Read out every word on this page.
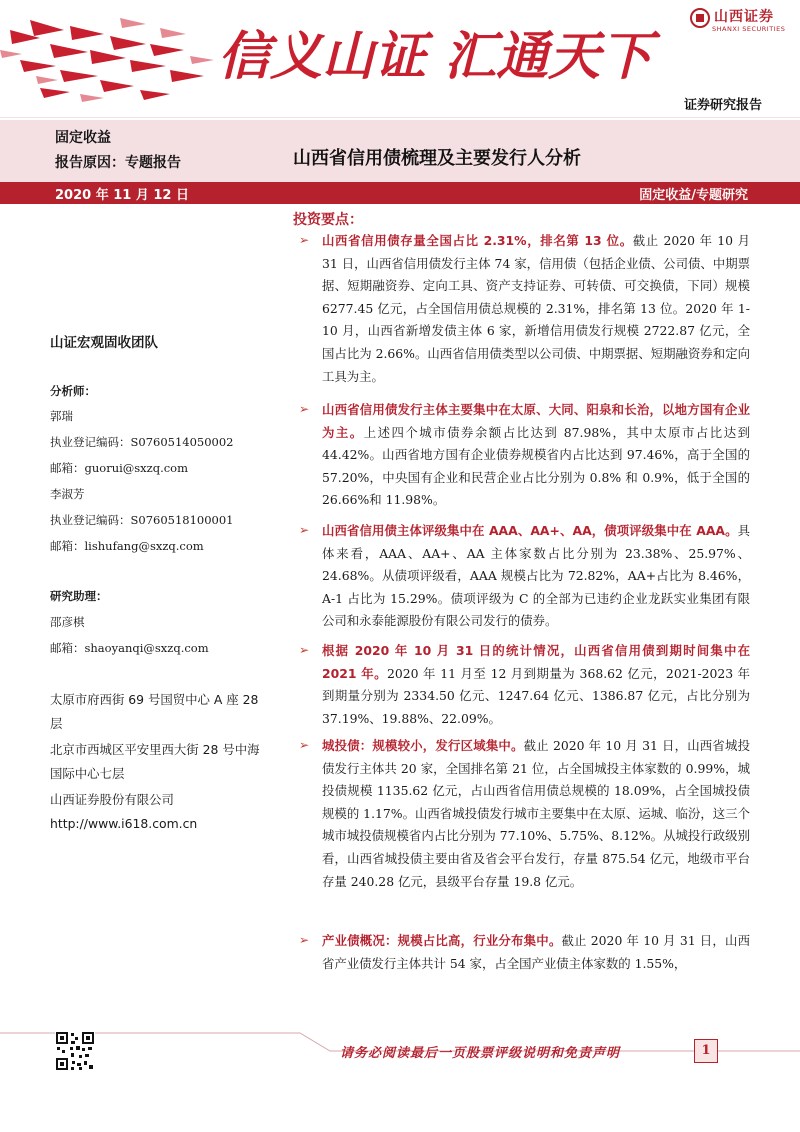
信义山证 汇通天下
山西证券
SHANXI SECURITIES
证券研究报告
固定收益
报告原因：专题报告	山西省信用债梳理及主要发行人分析
2020 年 11 月 12 日	固定收益/专题研究
山证宏观固收团队
分析师：
郭瑞
执业登记编码：S0760514050002
邮箱：guorui@sxzq.com
李淑芳
执业登记编码：S0760518100001
邮箱：lishufang@sxzq.com
研究助理：
邵彦棋
邮箱：shaoyanqi@sxzq.com
太原市府西街 69 号国贸中心 A 座 28 层
北京市西城区平安里西大街 28 号中海国际中心七层
山西证券股份有限公司
http://www.i618.com.cn
投资要点：
➢ 山西省信用债存量全国占比 2.31%，排名第 13 位。截止 2020 年 10 月 31 日，山西省信用债发行主体 74 家，信用债（包括企业债、公司债、中期票据、短期融资券、定向工具、资产支持证券、可转债、可交换债，下同）规模 6277.45 亿元，占全国信用债总规模的 2.31%，排名第 13 位。2020 年 1-10 月，山西省新增发债主体 6 家，新增信用债发行规模 2722.87 亿元，全国占比为 2.66%。山西省信用债类型以公司债、中期票据、短期融资券和定向工具为主。
➢ 山西省信用债发行主体主要集中在太原、大同、阳泉和长治，以地方国有企业为主。上述四个城市债券余额占比达到 87.98%，其中太原市占比达到 44.42%。山西省地方国有企业债券规模省内占比达到 97.46%，高于全国的 57.20%，中央国有企业和民营企业占比分别为 0.8% 和 0.9%，低于全国的 26.66%和 11.98%。
➢ 山西省信用债主体评级集中在 AAA、AA+、AA，债项评级集中在 AAA。具体来看，AAA、AA+、AA 主体家数占比分别为 23.38%、25.97%、24.68%。从债项评级看，AAA 规模占比为 72.82%，AA+占比为 8.46%，A-1 占比为 15.29%。债项评级为 C 的全部为已违约企业龙跃实业集团有限公司和永泰能源股份有限公司发行的债券。
➢ 根据 2020 年 10 月 31 日的统计情况，山西省信用债到期时间集中在 2021 年。2020 年 11 月至 12 月到期量为 368.62 亿元，2021-2023 年到期量分别为 2334.50 亿元、1247.64 亿元、1386.87 亿元，占比分别为 37.19%、19.88%、22.09%。
➢ 城投债：规模较小，发行区域集中。截止 2020 年 10 月 31 日，山西省城投债发行主体共 20 家，全国排名第 21 位，占全国城投主体家数的 0.99%，城投债规模 1135.62 亿元，占山西省信用债总规模的 18.09%，占全国城投债规模的 1.17%。山西省城投债发行城市主要集中在太原、运城、临汾，这三个城市城投债规模省内占比分别为 77.10%、5.75%、8.12%。从城投行政级别看，山西省城投债主要由省及省会平台发行，存量 875.54 亿元，地级市平台存量 240.28 亿元，县级平台存量 19.8 亿元。
➢ 产业债概况：规模占比高，行业分布集中。截止 2020 年 10 月 31 日，山西省产业债发行主体共计 54 家，占全国产业债主体家数的 1.55%，
请务必阅读最后一页股票评级说明和免责声明	1
